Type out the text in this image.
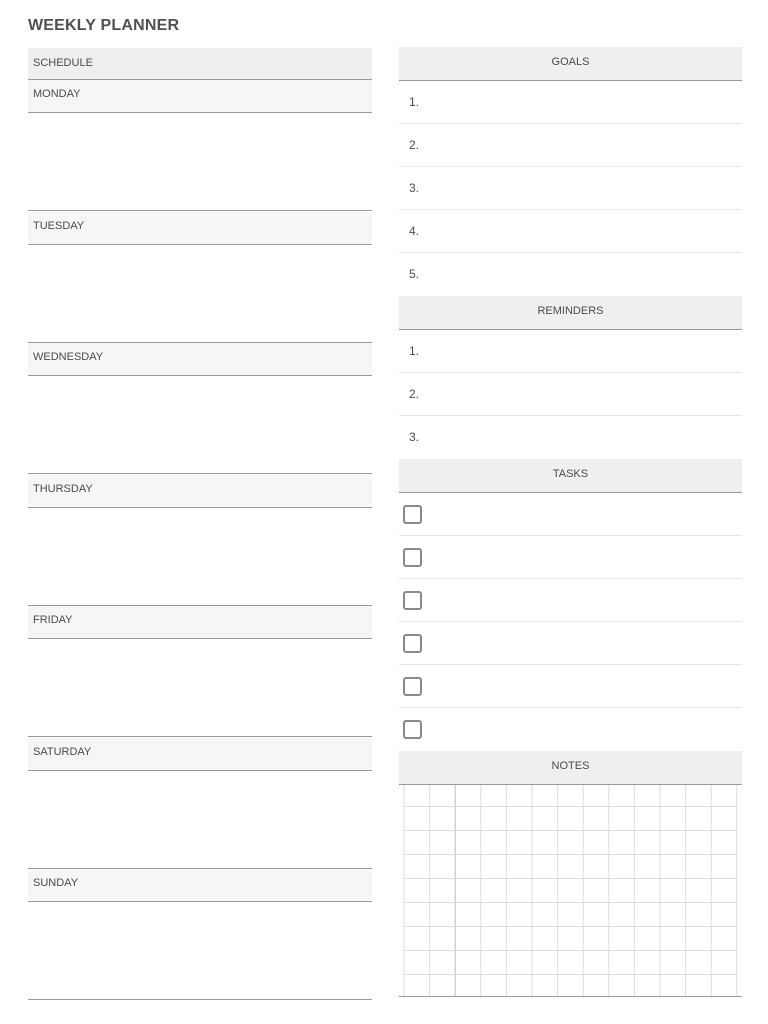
WEEKLY PLANNER
SCHEDULE
MONDAY
TUESDAY
WEDNESDAY
THURSDAY
FRIDAY
SATURDAY
SUNDAY
GOALS
1.
2.
3.
4.
5.
REMINDERS
1.
2.
3.
TASKS
NOTES
